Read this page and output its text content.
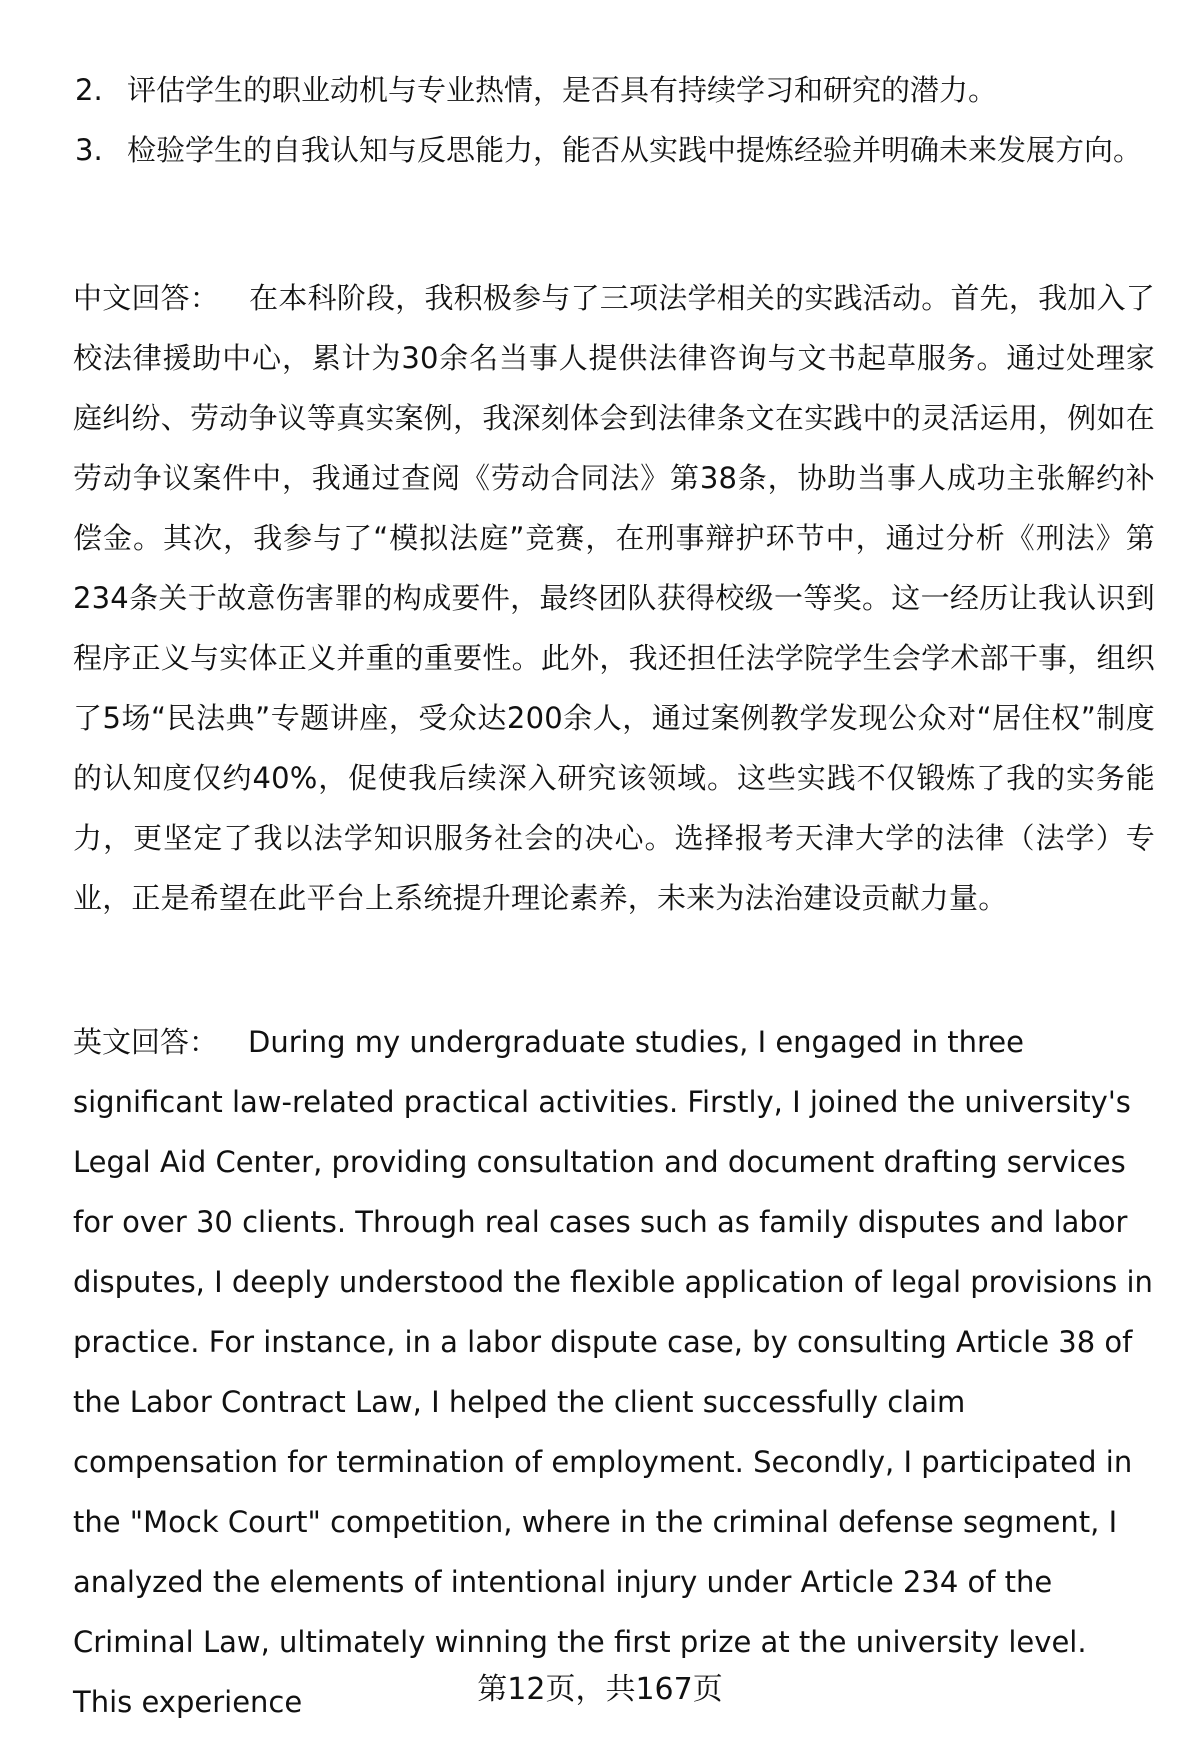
2. 评估学生的职业动机与专业热情，是否具有持续学习和研究的潜力。
3. 检验学生的自我认知与反思能力，能否从实践中提炼经验并明确未来发展方向。

中文回答： 在本科阶段，我积极参与了三项法学相关的实践活动。首先，我加入了校法律援助中心，累计为30余名当事人提供法律咨询与文书起草服务。通过处理家庭纠纷、劳动争议等真实案例，我深刻体会到法律条文在实践中的灵活运用，例如在劳动争议案件中，我通过查阅《劳动合同法》第38条，协助当事人成功主张解约补偿金。其次，我参与了“模拟法庭”竞赛，在刑事辩护环节中，通过分析《刑法》第234条关于故意伤害罪的构成要件，最终团队获得校级一等奖。这一经历让我认识到程序正义与实体正义并重的重要性。此外，我还担任法学院学生会学术部干事，组织了5场“民法典”专题讲座，受众达200余人，通过案例教学发现公众对“居住权”制度的认知度仅约40%，促使我后续深入研究该领域。这些实践不仅锻炼了我的实务能力，更坚定了我以法学知识服务社会的决心。选择报考天津大学的法律（法学）专业，正是希望在此平台上系统提升理论素养，未来为法治建设贡献力量。

英文回答： During my undergraduate studies, I engaged in three significant law-related practical activities. Firstly, I joined the university's Legal Aid Center, providing consultation and document drafting services for over 30 clients. Through real cases such as family disputes and labor disputes, I deeply understood the flexible application of legal provisions in practice. For instance, in a labor dispute case, by consulting Article 38 of the Labor Contract Law, I helped the client successfully claim compensation for termination of employment. Secondly, I participated in the "Mock Court" competition, where in the criminal defense segment, I analyzed the elements of intentional injury under Article 234 of the Criminal Law, ultimately winning the first prize at the university level. This experience	第12页，共167页
